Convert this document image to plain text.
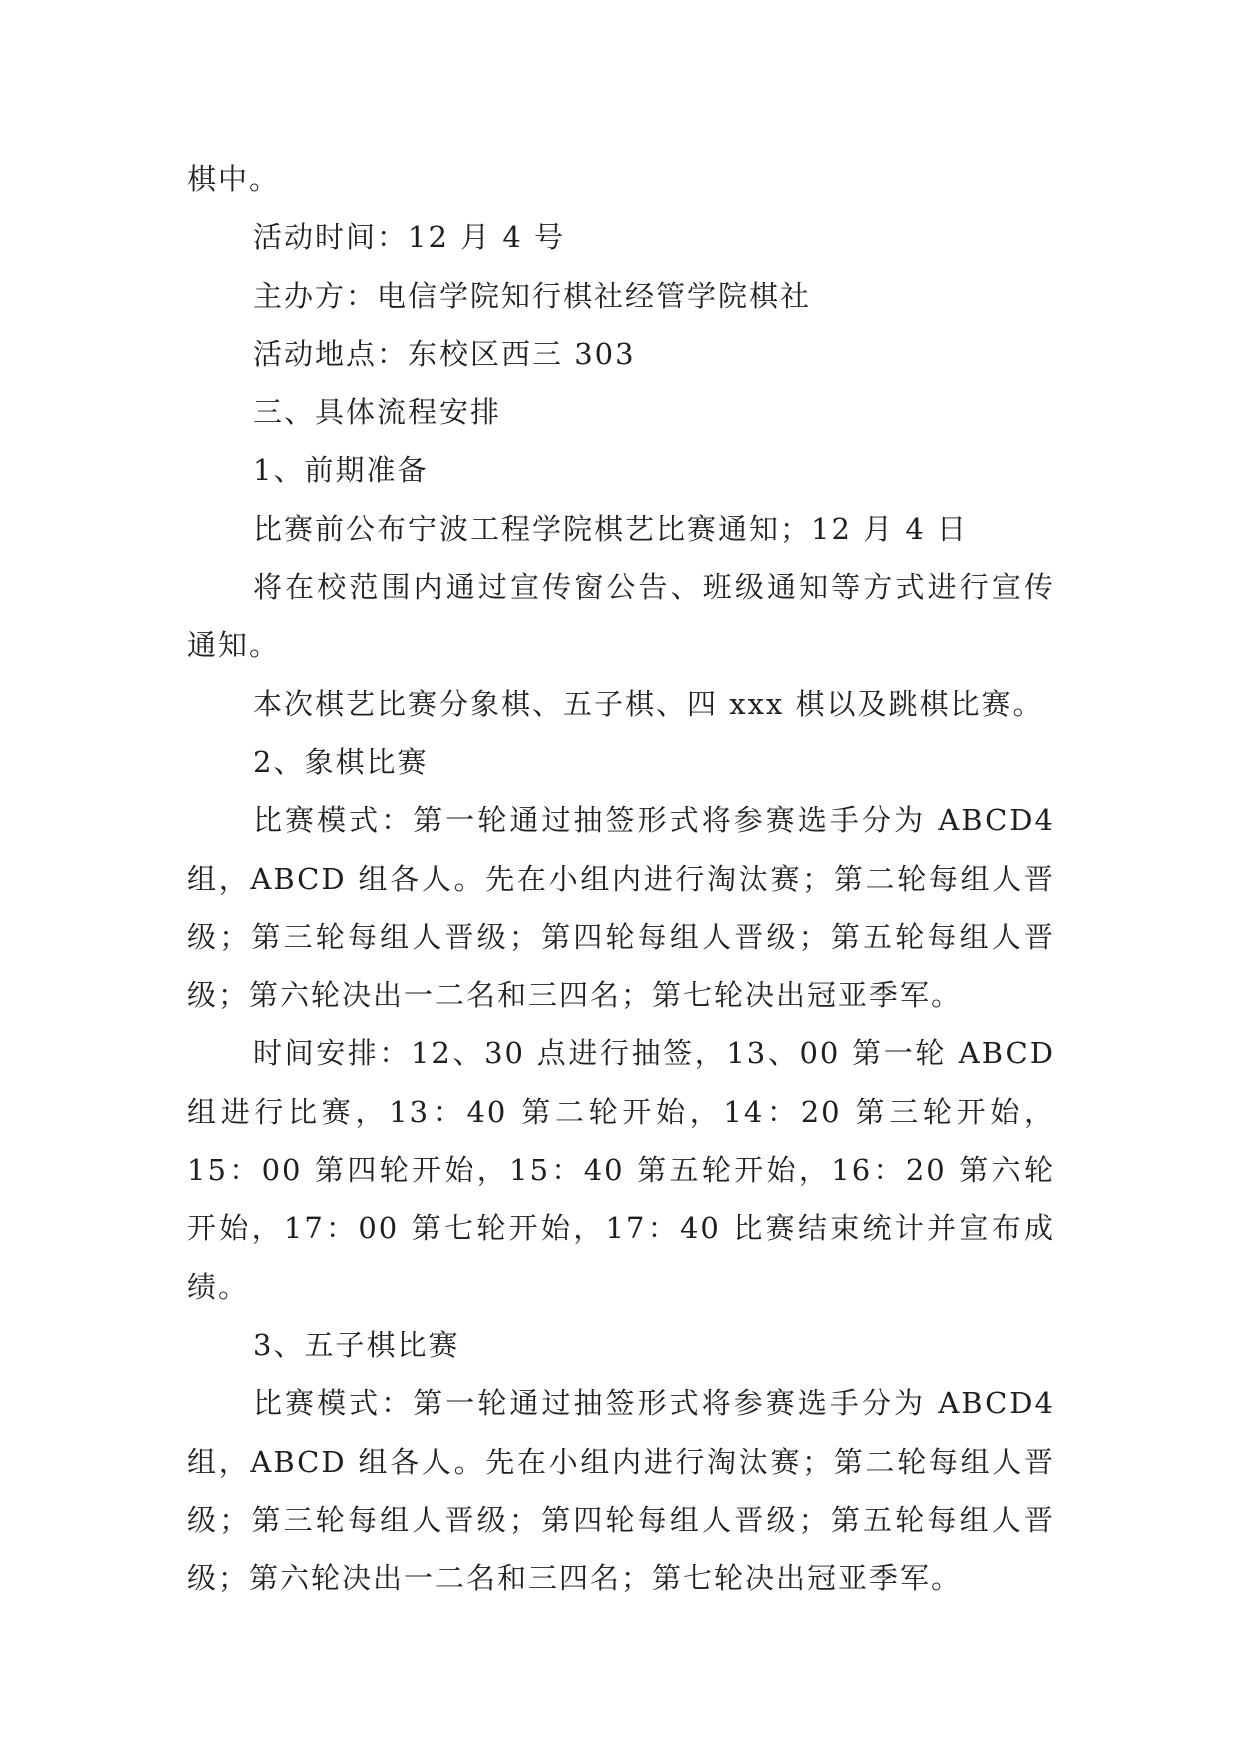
棋中。

活动时间：12 月 4 号

主办方：电信学院知行棋社经管学院棋社

活动地点：东校区西三 303

三、具体流程安排

1、前期准备

比赛前公布宁波工程学院棋艺比赛通知；12 月 4 日

将在校范围内通过宣传窗公告、班级通知等方式进行宣传通知。

本次棋艺比赛分象棋、五子棋、四 xxx 棋以及跳棋比赛。

2、象棋比赛

比赛模式：第一轮通过抽签形式将参赛选手分为 ABCD4 组，ABCD 组各人。先在小组内进行淘汰赛；第二轮每组人晋级；第三轮每组人晋级；第四轮每组人晋级；第五轮每组人晋级；第六轮决出一二名和三四名；第七轮决出冠亚季军。

时间安排：12、30 点进行抽签，13、00 第一轮 ABCD 组进行比赛，13：40 第二轮开始，14：20 第三轮开始，15：00 第四轮开始，15：40 第五轮开始，16：20 第六轮开始，17：00 第七轮开始，17：40 比赛结束统计并宣布成绩。

3、五子棋比赛

比赛模式：第一轮通过抽签形式将参赛选手分为 ABCD4 组，ABCD 组各人。先在小组内进行淘汰赛；第二轮每组人晋级；第三轮每组人晋级；第四轮每组人晋级；第五轮每组人晋级；第六轮决出一二名和三四名；第七轮决出冠亚季军。
